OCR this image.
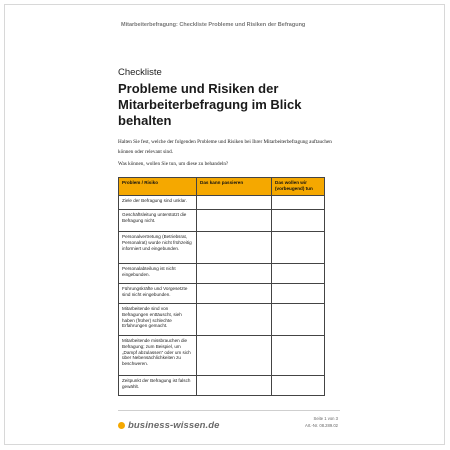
Mitarbeiterbefragung: Checkliste Probleme und Risiken der Befragung
Checkliste
Probleme und Risiken der Mitarbeiterbefragung im Blick behalten
Halten Sie fest, welche der folgenden Probleme und Risiken bei Ihrer Mitarbeiterbefragung auftauchen können oder relevant sind.
Was können, wollen Sie tun, um diese zu behandeln?
Problem / Risiko	Das kann passieren	Das wollen wir (vorbeugend) tun
Ziele der Befragung sind unklar.		
Geschäftsleitung unterstützt die Befragung nicht.		
Personalvertretung (Betriebsrat, Personalrat) wurde nicht frühzeitig informiert und eingebunden.		
Personalabteilung ist nicht eingebunden.		
Führungskräfte und Vorgesetzte sind nicht eingebunden.		
Mitarbeitende sind von Befragungen enttäuscht, sieh haben (früher) schlechte Erfahrungen gemacht.		
Mitarbeitende missbrauchen die Befragung; zum Beispiel, um „Dampf abzulassen“ oder um sich über Nebensächlichkeiten zu beschweren.		
Zeitpunkt der Befragung ist falsch gewählt.		
business-wissen.de
Seite 1 von 3
Art.-Nr. 08.289.02
